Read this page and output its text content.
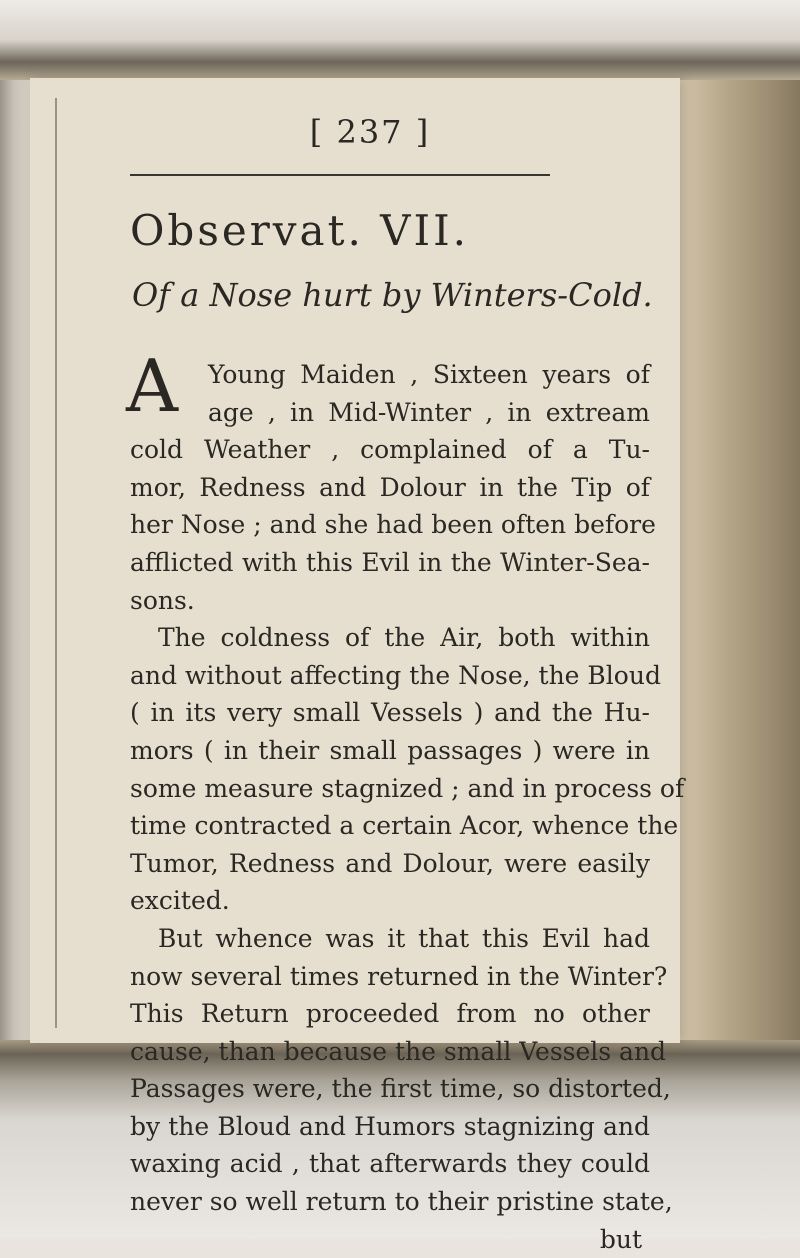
[ 237 ]
Observat. VII.
Of a Nose hurt by Winters-Cold.
A	Young Maiden , Sixteen years of
age , in Mid-Winter , in extream
cold Weather , complained of a Tu-
mor, Redness and Dolour in the Tip of
her Nose ; and she had been often before
afflicted with this Evil in the Winter-Sea-
sons.
The coldness of the Air, both within
and without affecting the Nose, the Bloud
( in its very small Vessels ) and the Hu-
mors ( in their small passages ) were in
some measure stagnized ; and in process of
time contracted a certain Acor, whence the
Tumor, Redness and Dolour, were easily
excited.
But whence was it that this Evil had
now several times returned in the Winter?
This Return proceeded from no other
cause, than because the small Vessels and
Passages were, the first time, so distorted,
by the Bloud and Humors stagnizing and
waxing acid , that afterwards they could
never so well return to their pristine state,
but
